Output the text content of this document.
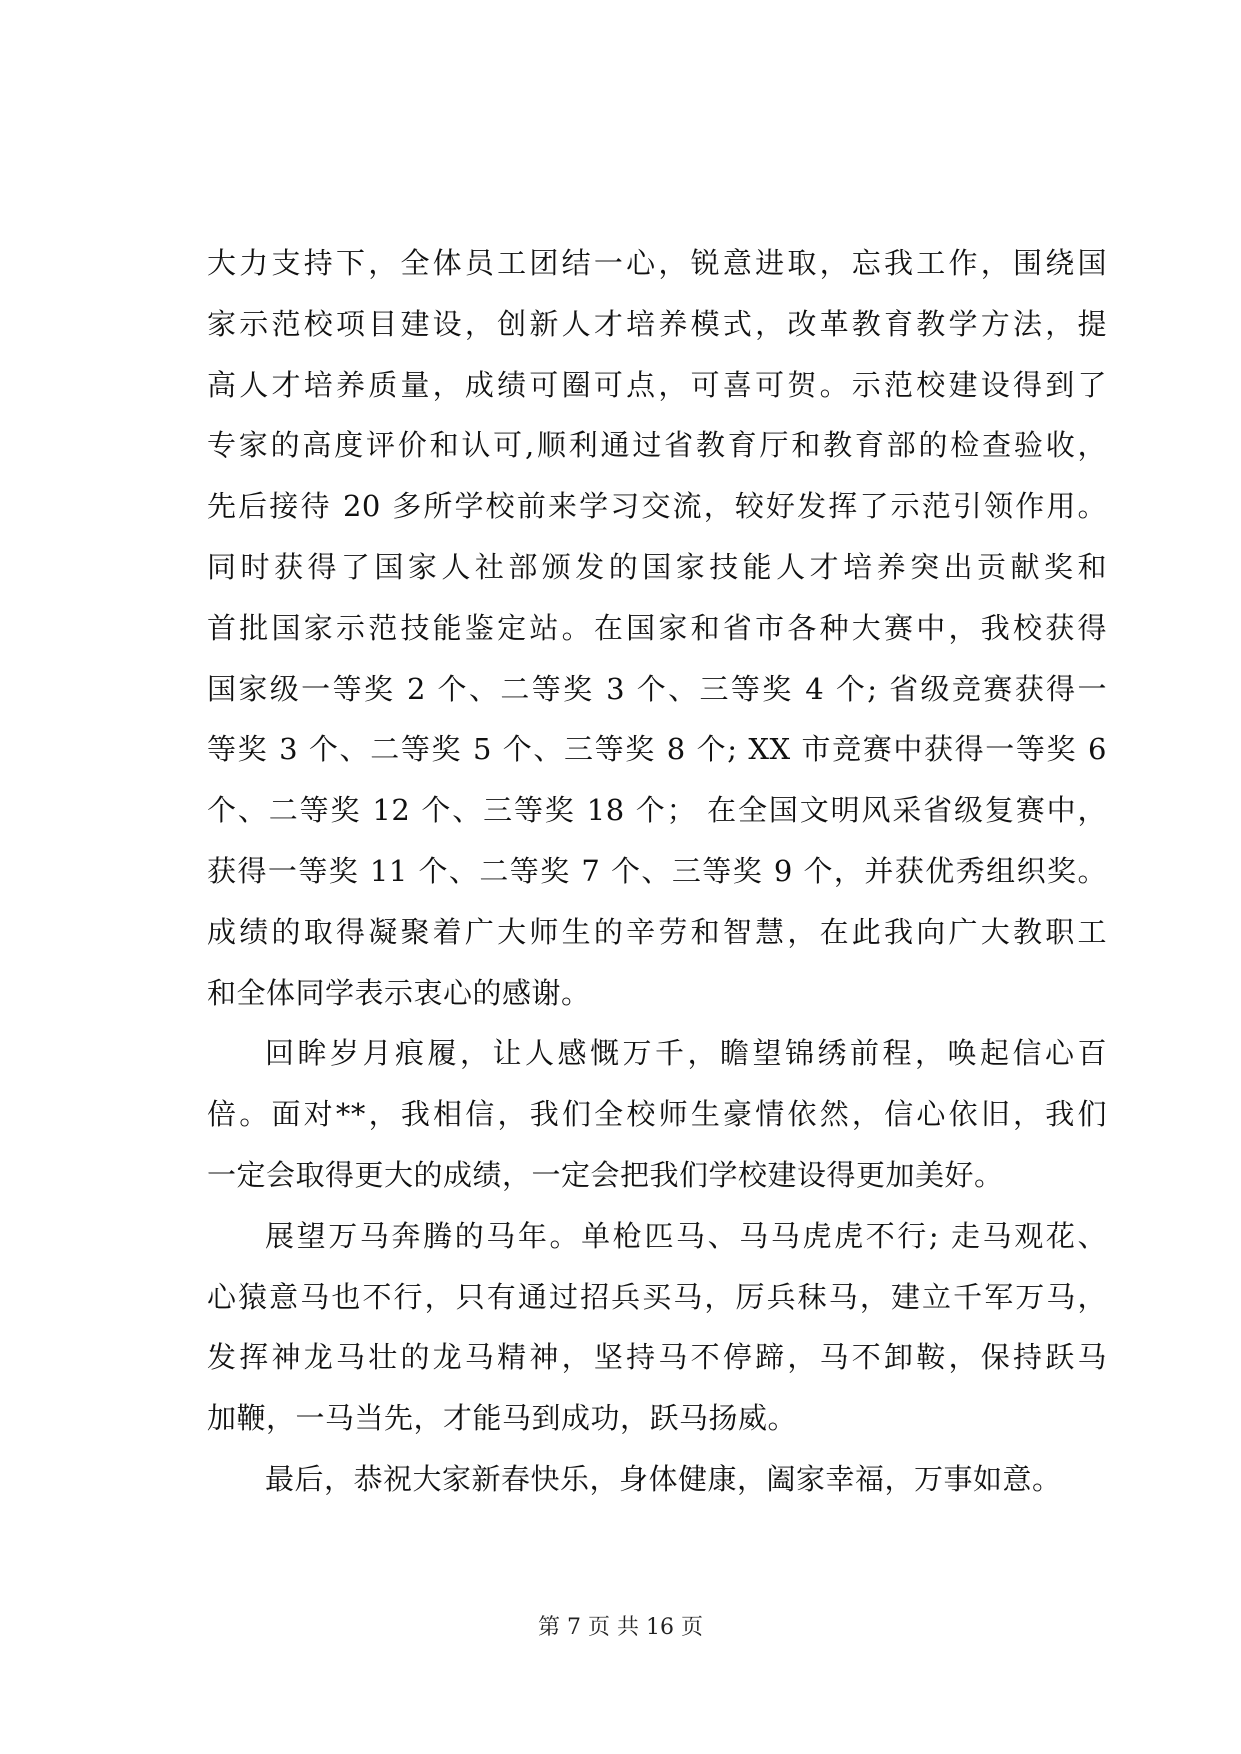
大力支持下，全体员工团结一心，锐意进取，忘我工作，围绕国
家示范校项目建设，创新人才培养模式，改革教育教学方法，提
高人才培养质量，成绩可圈可点，可喜可贺。示范校建设得到了
专家的高度评价和认可,顺利通过省教育厅和教育部的检查验收，
先后接待 20 多所学校前来学习交流，较好发挥了示范引领作用。
同时获得了国家人社部颁发的国家技能人才培养突出贡献奖和
首批国家示范技能鉴定站。在国家和省市各种大赛中，我校获得
国家级一等奖 2 个、二等奖 3 个、三等奖 4 个; 省级竞赛获得一
等奖 3 个、二等奖 5 个、三等奖 8 个; XX 市竞赛中获得一等奖 6
个、二等奖 12 个、三等奖 18 个； 在全国文明风采省级复赛中，
获得一等奖 11 个、二等奖 7 个、三等奖 9 个，并获优秀组织奖。
成绩的取得凝聚着广大师生的辛劳和智慧，在此我向广大教职工
和全体同学表示衷心的感谢。
回眸岁月痕履，让人感慨万千，瞻望锦绣前程，唤起信心百
倍。面对**，我相信，我们全校师生豪情依然，信心依旧，我们
一定会取得更大的成绩，一定会把我们学校建设得更加美好。
展望万马奔腾的马年。单枪匹马、马马虎虎不行; 走马观花、
心猿意马也不行，只有通过招兵买马，厉兵秣马，建立千军万马，
发挥神龙马壮的龙马精神，坚持马不停蹄，马不卸鞍，保持跃马
加鞭，一马当先，才能马到成功，跃马扬威。
最后，恭祝大家新春快乐，身体健康，阖家幸福，万事如意。
第 7 页 共 16 页
